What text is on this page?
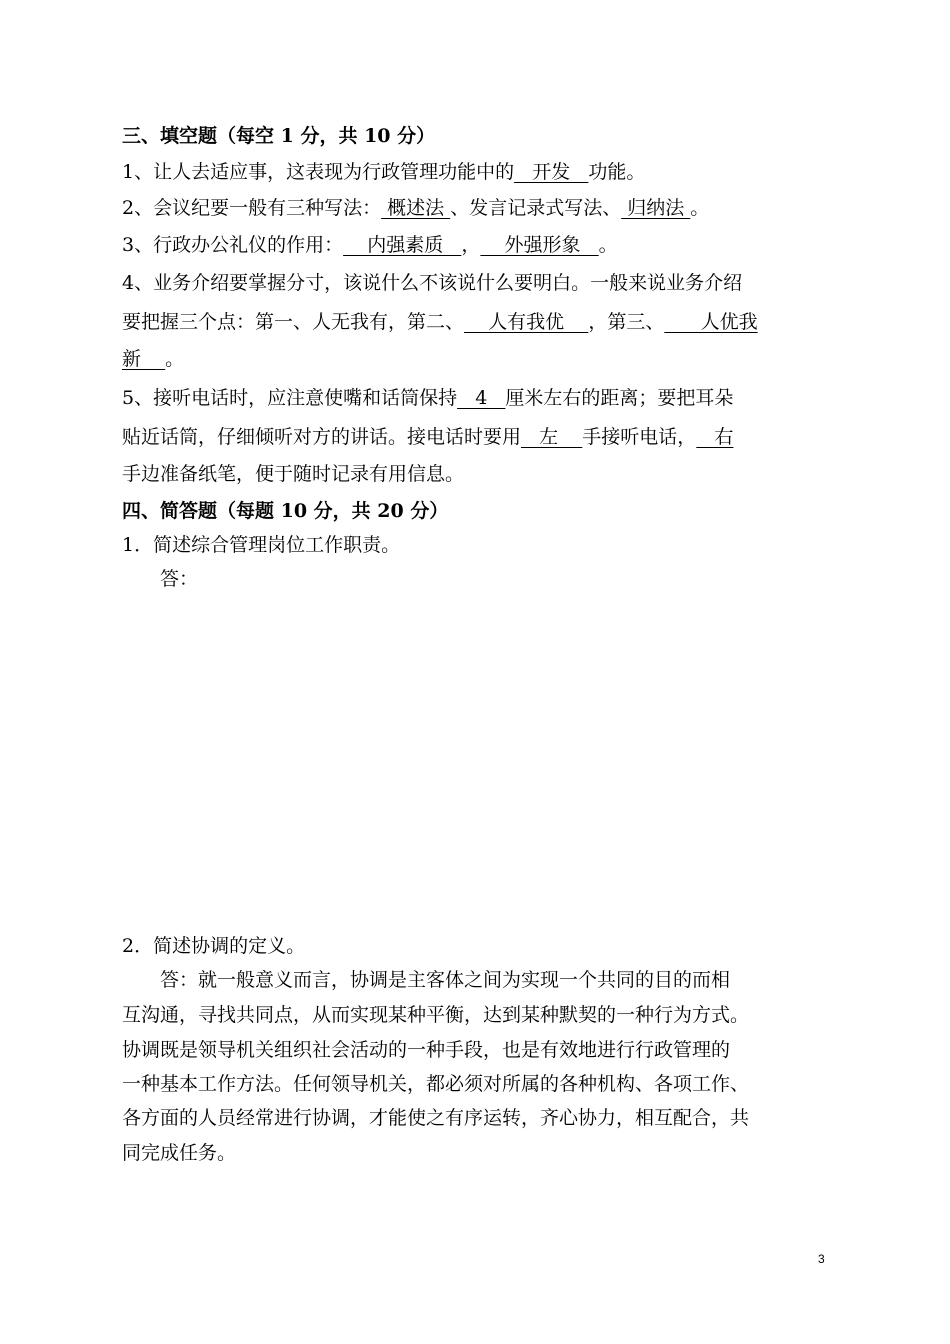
三、填空题（每空 1 分，共 10 分）
1、让人去适应事，这表现为行政管理功能中的   开发   功能。
2、会议纪要一般有三种写法： 概述法 、发言记录式写法、 归纳法 。
3、行政办公礼仪的作用：    内强素质   ，    外强形象   。
4、业务介绍要掌握分寸，该说什么不该说什么要明白。一般来说业务介绍
要把握三个点：第一、人无我有，第二、    人有我优    ，第三、      人优我
新    。
5、接听电话时，应注意使嘴和话筒保持   4   厘米左右的距离；要把耳朵
贴近话筒，仔细倾听对方的讲话。接电话时要用   左    手接听电话，   右
手边准备纸笔，便于随时记录有用信息。
四、简答题（每题 10 分，共 20 分）
1．简述综合管理岗位工作职责。
答：
2．简述协调的定义。
答：就一般意义而言，协调是主客体之间为实现一个共同的目的而相
互沟通，寻找共同点，从而实现某种平衡，达到某种默契的一种行为方式。
协调既是领导机关组织社会活动的一种手段，也是有效地进行行政管理的
一种基本工作方法。任何领导机关，都必须对所属的各种机构、各项工作、
各方面的人员经常进行协调，才能使之有序运转，齐心协力，相互配合，共
同完成任务。
3
